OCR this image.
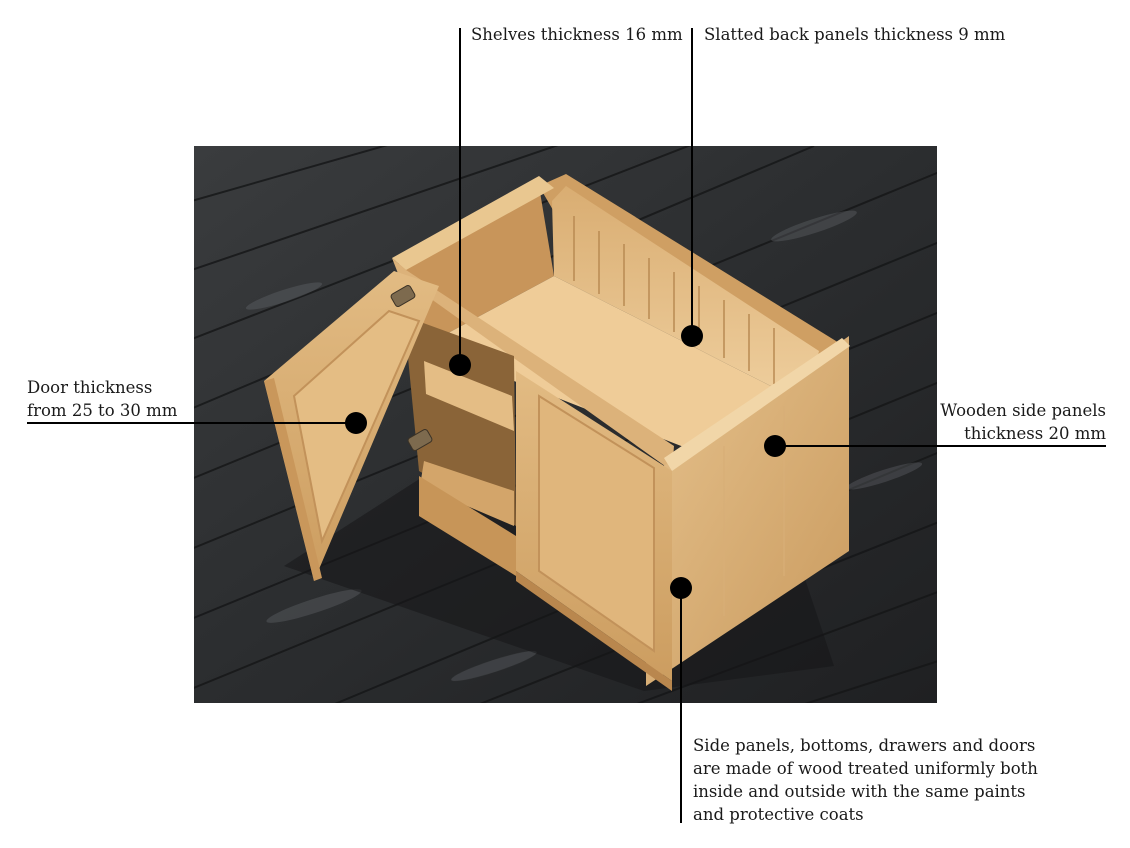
Shelves thickness 16 mm Slatted back panels thickness 9 mm
Door thickness
from 25 to 30 mm	Wooden side panels
thickness 20 mm
Side panels, bottoms, drawers and doors
are made of wood treated uniformly both
inside and outside with the same paints
and protective coats
